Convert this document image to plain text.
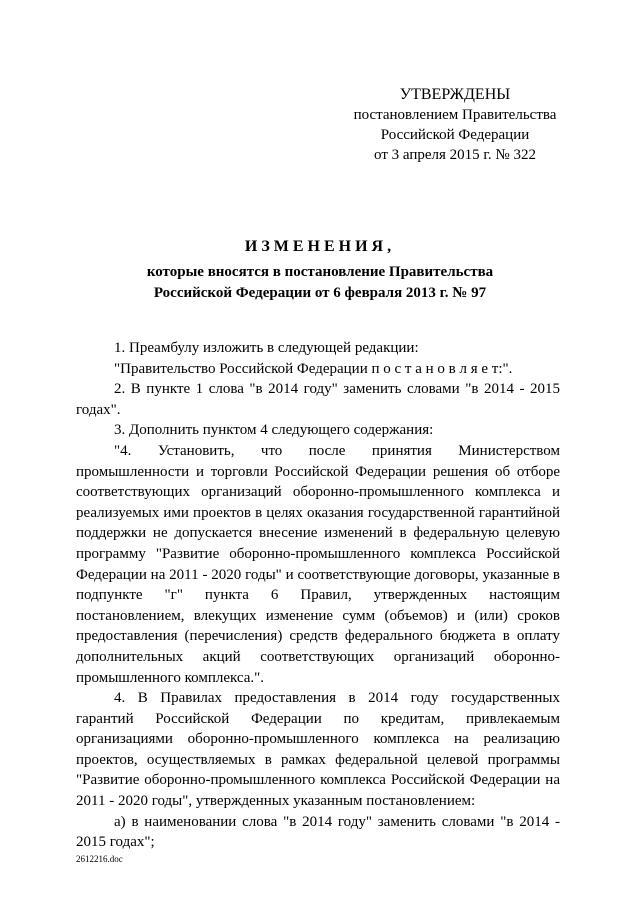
УТВЕРЖДЕНЫ
постановлением Правительства
Российской Федерации
от 3 апреля 2015 г. № 322
ИЗМЕНЕНИЯ,
которые вносятся в постановление Правительства
Российской Федерации от 6 февраля 2013 г. № 97

1. Преамбулу изложить в следующей редакции:

"Правительство Российской Федерации п о с т а н о в л я е т:".

2. В пункте 1 слова "в 2014 году" заменить словами "в 2014 - 2015 годах".

3. Дополнить пунктом 4 следующего содержания:

"4. Установить, что после принятия Министерством промышленности и торговли Российской Федерации решения об отборе соответствующих организаций оборонно-промышленного комплекса и реализуемых ими проектов в целях оказания государственной гарантийной поддержки не допускается внесение изменений в федеральную целевую программу "Развитие оборонно-промышленного комплекса Российской Федерации на 2011 - 2020 годы" и соответствующие договоры, указанные в подпункте "г" пункта 6 Правил, утвержденных настоящим постановлением, влекущих изменение сумм (объемов) и (или) сроков предоставления (перечисления) средств федерального бюджета в оплату дополнительных акций соответствующих организаций оборонно-промышленного комплекса.".

4. В Правилах предоставления в 2014 году государственных гарантий Российской Федерации по кредитам, привлекаемым организациями оборонно-промышленного комплекса на реализацию проектов, осуществляемых в рамках федеральной целевой программы "Развитие оборонно-промышленного комплекса Российской Федерации на 2011 - 2020 годы", утвержденных указанным постановлением:

а) в наименовании слова "в 2014 году" заменить словами "в 2014 - 2015 годах";

2612216.doc
